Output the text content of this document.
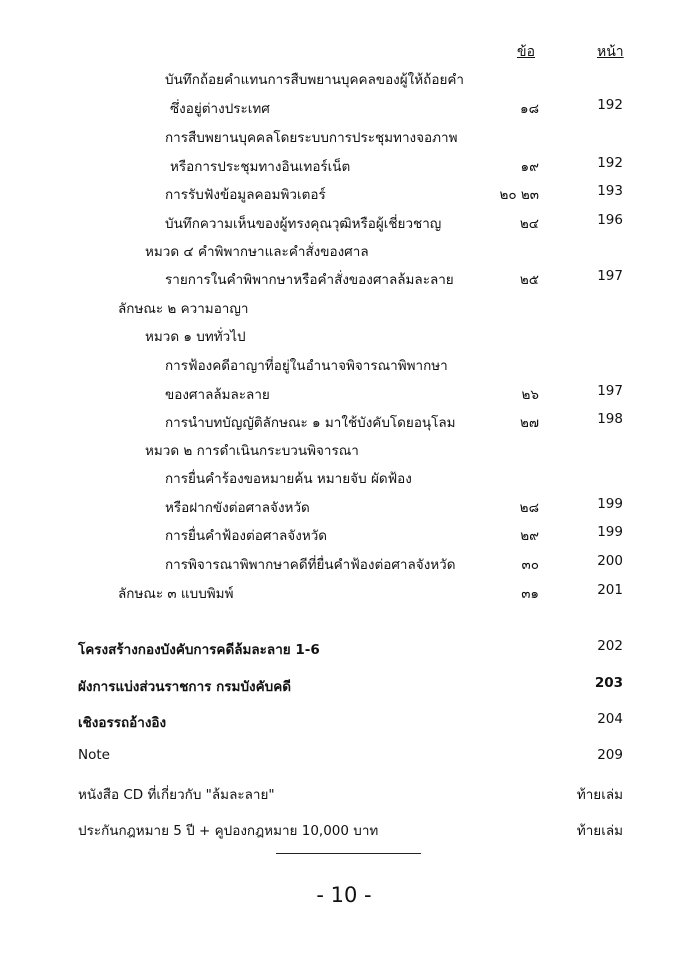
ข้อ	หน้า
บันทึกถ้อยคำแทนการสืบพยานบุคคลของผู้ให้ถ้อยคำ
ซึ่งอยู่ต่างประเทศ	๑๘	192
การสืบพยานบุคคลโดยระบบการประชุมทางจอภาพ
หรือการประชุมทางอินเทอร์เน็ต	๑๙	192
การรับฟังข้อมูลคอมพิวเตอร์	๒๐ ๒๓	193
บันทึกความเห็นของผู้ทรงคุณวุฒิหรือผู้เชี่ยวชาญ	๒๔	196
หมวด ๔ คำพิพากษาและคำสั่งของศาล
รายการในคำพิพากษาหรือคำสั่งของศาลล้มละลาย	๒๕	197
ลักษณะ ๒ ความอาญา
หมวด ๑ บททั่วไป
การฟ้องคดีอาญาที่อยู่ในอำนาจพิจารณาพิพากษา
ของศาลล้มละลาย	๒๖	197
การนำบทบัญญัติลักษณะ ๑ มาใช้บังคับโดยอนุโลม	๒๗	198
หมวด ๒ การดำเนินกระบวนพิจารณา
การยื่นคำร้องขอหมายค้น หมายจับ ผัดฟ้อง
หรือฝากขังต่อศาลจังหวัด	๒๘	199
การยื่นคำฟ้องต่อศาลจังหวัด	๒๙	199
การพิจารณาพิพากษาคดีที่ยื่นคำฟ้องต่อศาลจังหวัด	๓๐	200
ลักษณะ ๓ แบบพิมพ์	๓๑	201
โครงสร้างกองบังคับการคดีล้มละลาย 1-6	202
ผังการแบ่งส่วนราชการ กรมบังคับคดี	203
เชิงอรรถอ้างอิง	204
Note	209
หนังสือ CD ที่เกี่ยวกับ "ล้มละลาย"	ท้ายเล่ม
ประกันกฎหมาย 5 ปี + คูปองกฎหมาย 10,000 บาท	ท้ายเล่ม
- 10 -
